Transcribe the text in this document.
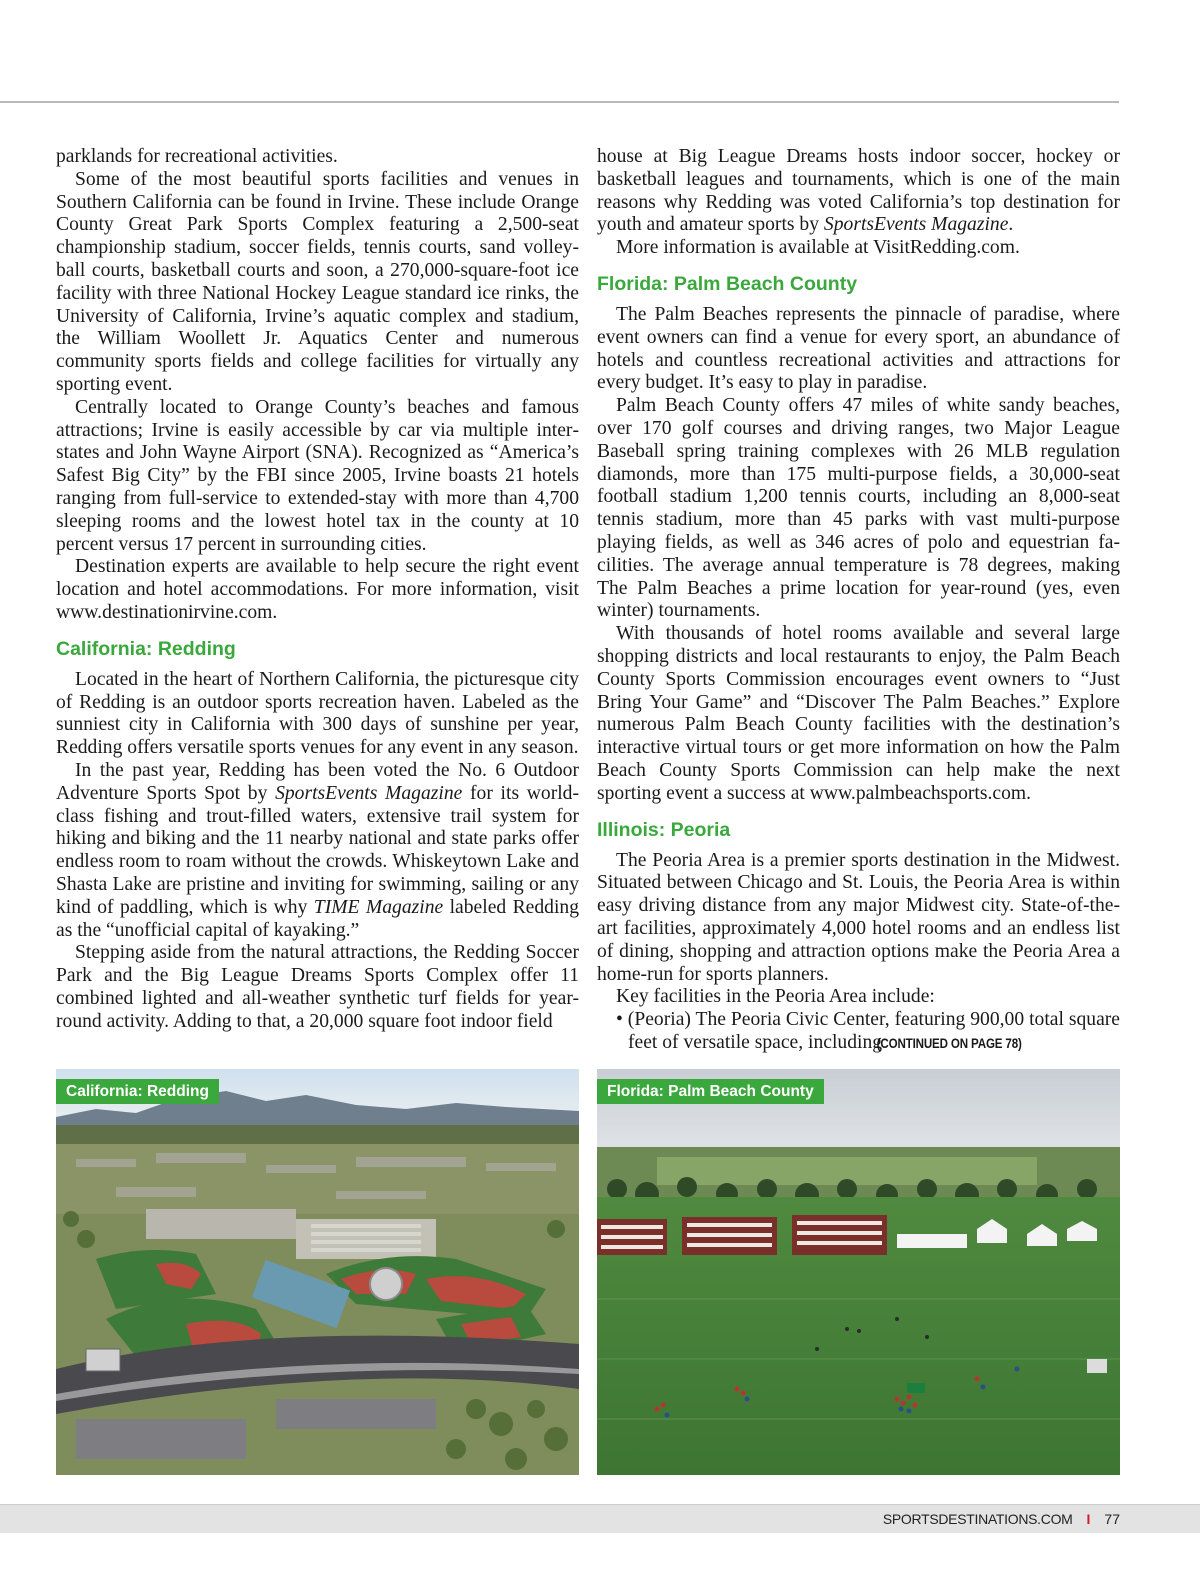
parklands for recreational activities.

Some of the most beautiful sports facilities and venues in Southern California can be found in Irvine. These include Orange County Great Park Sports Complex featuring a 2,500-seat championship stadium, soccer fields, tennis courts, sand volleyball courts, basketball courts and soon, a 270,000-square-foot ice facility with three National Hockey League standard ice rinks, the University of California, Irvine’s aquatic complex and stadium, the William Woollett Jr. Aquatics Center and numerous community sports fields and college facilities for virtually any sporting event.

Centrally located to Orange County’s beaches and famous attractions; Irvine is easily accessible by car via multiple interstates and John Wayne Airport (SNA). Recognized as “America’s Safest Big City” by the FBI since 2005, Irvine boasts 21 hotels ranging from full-service to extended-stay with more than 4,700 sleeping rooms and the lowest hotel tax in the county at 10 percent versus 17 percent in surrounding cities.

Destination experts are available to help secure the right event location and hotel accommodations. For more information, visit www.destinationirvine.com.

California: Redding

Located in the heart of Northern California, the picturesque city of Redding is an outdoor sports recreation haven. Labeled as the sunniest city in California with 300 days of sunshine per year, Redding offers versatile sports venues for any event in any season.

In the past year, Redding has been voted the No. 6 Outdoor Adventure Sports Spot by SportsEvents Magazine for its world-class fishing and trout-filled waters, extensive trail system for hiking and biking and the 11 nearby national and state parks offer endless room to roam without the crowds. Whiskeytown Lake and Shasta Lake are pristine and inviting for swimming, sailing or any kind of paddling, which is why TIME Magazine labeled Redding as the “unofficial capital of kayaking.”

Stepping aside from the natural attractions, the Redding Soccer Park and the Big League Dreams Sports Complex offer 11 combined lighted and all-weather synthetic turf fields for year-round activity. Adding to that, a 20,000 square foot indoor field

house at Big League Dreams hosts indoor soccer, hockey or basketball leagues and tournaments, which is one of the main reasons why Redding was voted California’s top destination for youth and amateur sports by SportsEvents Magazine.

More information is available at VisitRedding.com.

Florida: Palm Beach County

The Palm Beaches represents the pinnacle of paradise, where event owners can find a venue for every sport, an abundance of hotels and countless recreational activities and attractions for every budget. It’s easy to play in paradise.

Palm Beach County offers 47 miles of white sandy beaches, over 170 golf courses and driving ranges, two Major League Baseball spring training complexes with 26 MLB regulation diamonds, more than 175 multi-purpose fields, a 30,000-seat football stadium 1,200 tennis courts, including an 8,000-seat tennis stadium, more than 45 parks with vast multi-purpose playing fields, as well as 346 acres of polo and equestrian facilities. The average annual temperature is 78 degrees, making The Palm Beaches a prime location for year-round (yes, even winter) tournaments.

With thousands of hotel rooms available and several large shopping districts and local restaurants to enjoy, the Palm Beach County Sports Commission encourages event owners to “Just Bring Your Game” and “Discover The Palm Beaches.” Explore numerous Palm Beach County facilities with the destination’s interactive virtual tours or get more information on how the Palm Beach County Sports Commission can help make the next sporting event a success at www.palmbeachsports.com.

Illinois: Peoria

The Peoria Area is a premier sports destination in the Midwest. Situated between Chicago and St. Louis, the Peoria Area is within easy driving distance from any major Midwest city. State-of-the-art facilities, approximately 4,000 hotel rooms and an endless list of dining, shopping and attraction options make the Peoria Area a home-run for sports planners.

Key facilities in the Peoria Area include:

• (Peoria) The Peoria Civic Center, featuring 900,00 total square feet of versatile space, including (CONTINUED ON PAGE 78)
California: Redding	Florida: Palm Beach County
SPORTSDESTINATIONS.COM I 77
